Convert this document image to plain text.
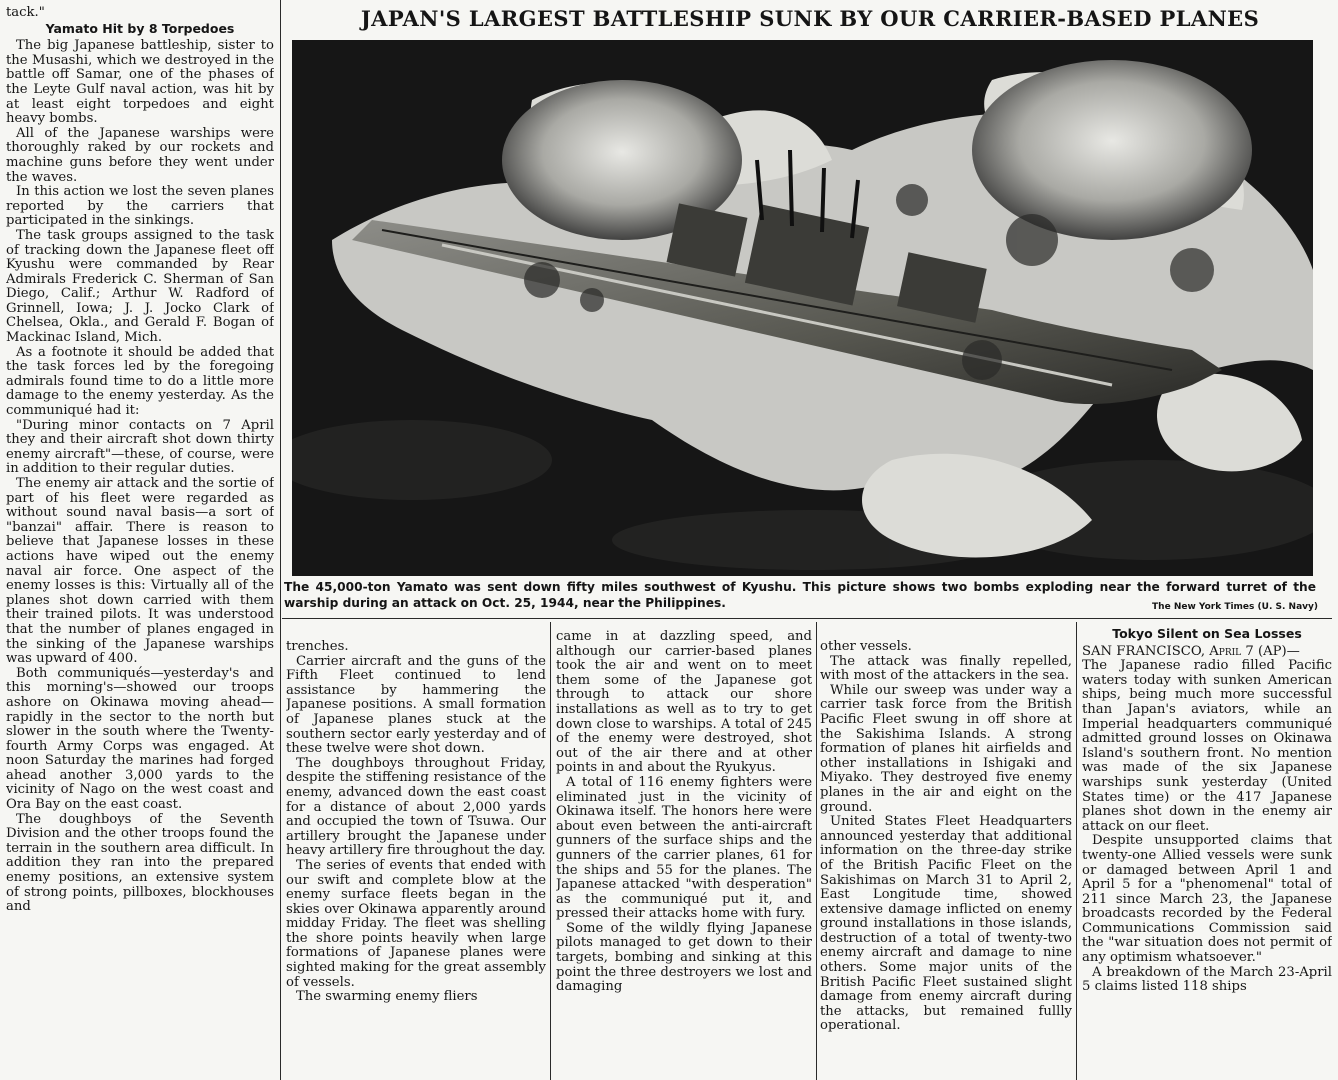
tack."

Yamato Hit by 8 Torpedoes

The big Japanese battleship, sister to the Musashi, which we destroyed in the battle off Samar, one of the phases of the Leyte Gulf naval action, was hit by at least eight torpedoes and eight heavy bombs.

All of the Japanese warships were thoroughly raked by our rockets and machine guns before they went under the waves.

In this action we lost the seven planes reported by the carriers that participated in the sinkings.

The task groups assigned to the task of tracking down the Japanese fleet off Kyushu were commanded by Rear Admirals Frederick C. Sherman of San Diego, Calif.; Arthur W. Radford of Grinnell, Iowa; J. J. Jocko Clark of Chelsea, Okla., and Gerald F. Bogan of Mackinac Island, Mich.

As a footnote it should be added that the task forces led by the foregoing admirals found time to do a little more damage to the enemy yesterday. As the communiqué had it:

"During minor contacts on 7 April they and their aircraft shot down thirty enemy aircraft"—these, of course, were in addition to their regular duties.

The enemy air attack and the sortie of part of his fleet were regarded as without sound naval basis—a sort of "banzai" affair. There is reason to believe that Japanese losses in these actions have wiped out the enemy naval air force. One aspect of the enemy losses is this: Virtually all of the planes shot down carried with them their trained pilots. It was understood that the number of planes engaged in the sinking of the Japanese warships was upward of 400.

Both communiqués—yesterday's and this morning's—showed our troops ashore on Okinawa moving ahead—rapidly in the sector to the north but slower in the south where the Twenty-fourth Army Corps was engaged. At noon Saturday the marines had forged ahead another 3,000 yards to the vicinity of Nago on the west coast and Ora Bay on the east coast.

The doughboys of the Seventh Division and the other troops found the terrain in the southern area difficult. In addition they ran into the prepared enemy positions, an extensive system of strong points, pillboxes, blockhouses and

JAPAN'S LARGEST BATTLESHIP SUNK BY OUR CARRIER-BASED PLANES
The 45,000-ton Yamato was sent down fifty miles southwest of Kyushu. This picture shows two bombs exploding near the forward turret of the warship during an attack on Oct. 25, 1944, near the Philippines.	The New York Times (U. S. Navy)

trenches.

Carrier aircraft and the guns of the Fifth Fleet continued to lend assistance by hammering the Japanese positions. A small formation of Japanese planes stuck at the southern sector early yesterday and of these twelve were shot down.

The doughboys throughout Friday, despite the stiffening resistance of the enemy, advanced down the east coast for a distance of about 2,000 yards and occupied the town of Tsuwa. Our artillery brought the Japanese under heavy artillery fire throughout the day.

The series of events that ended with our swift and complete blow at the enemy surface fleets began in the skies over Okinawa apparently around midday Friday. The fleet was shelling the shore points heavily when large formations of Japanese planes were sighted making for the great assembly of vessels.

The swarming enemy fliers

came in at dazzling speed, and although our carrier-based planes took the air and went on to meet them some of the Japanese got through to attack our shore installations as well as to try to get down close to warships. A total of 245 of the enemy were destroyed, shot out of the air there and at other points in and about the Ryukyus.

A total of 116 enemy fighters were eliminated just in the vicinity of Okinawa itself. The honors here were about even between the anti-aircraft gunners of the surface ships and the gunners of the carrier planes, 61 for the ships and 55 for the planes. The Japanese attacked "with desperation" as the communiqué put it, and pressed their attacks home with fury.

Some of the wildly flying Japanese pilots managed to get down to their targets, bombing and sinking at this point the three destroyers we lost and damaging

other vessels.

The attack was finally repelled, with most of the attackers in the sea.

While our sweep was under way a carrier task force from the British Pacific Fleet swung in off shore at the Sakishima Islands. A strong formation of planes hit airfields and other installations in Ishigaki and Miyako. They destroyed five enemy planes in the air and eight on the ground.

United States Fleet Headquarters announced yesterday that additional information on the three-day strike of the British Pacific Fleet on the Sakishimas on March 31 to April 2, East Longitude time, showed extensive damage inflicted on enemy ground installations in those islands, destruction of a total of twenty-two enemy aircraft and damage to nine others. Some major units of the British Pacific Fleet sustained slight damage from enemy aircraft during the attacks, but remained fullly operational.

Tokyo Silent on Sea Losses

SAN FRANCISCO, April 7 (AP)—

The Japanese radio filled Pacific waters today with sunken American ships, being much more successful than Japan's aviators, while an Imperial headquarters communiqué admitted ground losses on Okinawa Island's southern front. No mention was made of the six Japanese warships sunk yesterday (United States time) or the 417 Japanese planes shot down in the enemy air attack on our fleet.

Despite unsupported claims that twenty-one Allied vessels were sunk or damaged between April 1 and April 5 for a "phenomenal" total of 211 since March 23, the Japanese broadcasts recorded by the Federal Communications Commission said the "war situation does not permit of any optimism whatsoever."

A breakdown of the March 23-April 5 claims listed 118 ships
